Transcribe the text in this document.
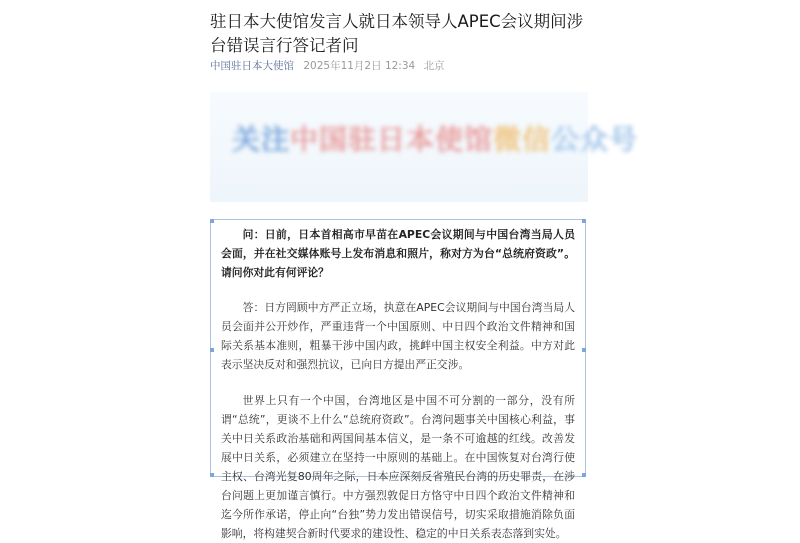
驻日本大使馆发言人就日本领导人APEC会议期间涉台错误言行答记者问
中国驻日本大使馆 2025年11月2日 12:34 北京
关注中国驻日本使馆微信公众号

问：日前，日本首相高市早苗在APEC会议期间与中国台湾当局人员会面，并在社交媒体账号上发布消息和照片，称对方为台“总统府资政”。请问你对此有何评论？

答：日方罔顾中方严正立场，执意在APEC会议期间与中国台湾当局人员会面并公开炒作，严重违背一个中国原则、中日四个政治文件精神和国际关系基本准则，粗暴干涉中国内政，挑衅中国主权安全利益。中方对此表示坚决反对和强烈抗议，已向日方提出严正交涉。

世界上只有一个中国，台湾地区是中国不可分割的一部分，没有所谓“总统”，更谈不上什么“总统府资政”。台湾问题事关中国核心利益，事关中日关系政治基础和两国间基本信义，是一条不可逾越的红线。改善发展中日关系，必须建立在坚持一中原则的基础上。在中国恢复对台湾行使主权、台湾光复80周年之际，日本应深刻反省殖民台湾的历史罪责，在涉台问题上更加谨言慎行。中方强烈敦促日方恪守中日四个政治文件精神和迄今所作承诺，停止向“台独”势力发出错误信号，切实采取措施消除负面影响，将构建契合新时代要求的建设性、稳定的中日关系表态落到实处。
